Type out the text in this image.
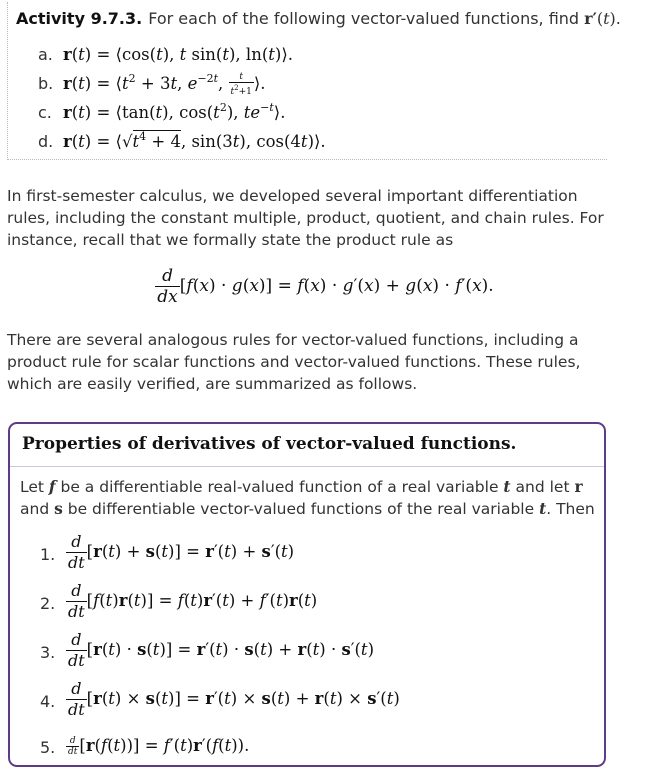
Activity 9.7.3. For each of the following vector-valued functions, find r′(t).
a. r(t) = ⟨cos(t), t sin(t), ln(t)⟩.
b. $r(t) = ⟨t^2 + 3t$, $e^{-2t}$, $\frac{t}{t^2+1}$ ⟩.
c. r(t) = ⟨tan(t), $\cos(t^2)$, $te^{-t}⟩$.
d. $r(t) = ⟨√t^4 + 4$, sin(3t), cos(4t)⟩.
In first-semester calculus, we developed several important differentiation rules, including the constant multiple, product, quotient, and chain rules. For instance, recall that we formally state the product rule as
$\frac{d}{dx} [f(x) \cdot g(x)] = f(x) \cdot g'(x) + g(x) \cdot f'(x)$.
There are several analogous rules for vector-valued functions, including a product rule for scalar functions and vector-valued functions. These rules, which are easily verified, are summarized as follows.
Properties of derivatives of vector-valued functions.
Let f be a differentiable real-valued function of a real variable t and let r and s be differentiable vector-valued functions of the real variable t. Then
1. $\frac{d}{dt} [r(t) + s(t)] = r'(t) + s'(t)$
2. $\frac{d}{dt} [f(t)r(t)] = f(t)r'(t) + f'(t)r(t)$
3. $\frac{d}{dt} [r(t) \cdot s(t)] = r'(t) \cdot s(t) + r(t) \cdot s'(t)$
4. $\frac{d}{dt} [r(t) \times s(t)] = r'(t) \times s(t) + r(t) \times s'(t)$
5. $\frac{d}{dt} [r(f(t))] = f'(t)r'(f(t))$.
